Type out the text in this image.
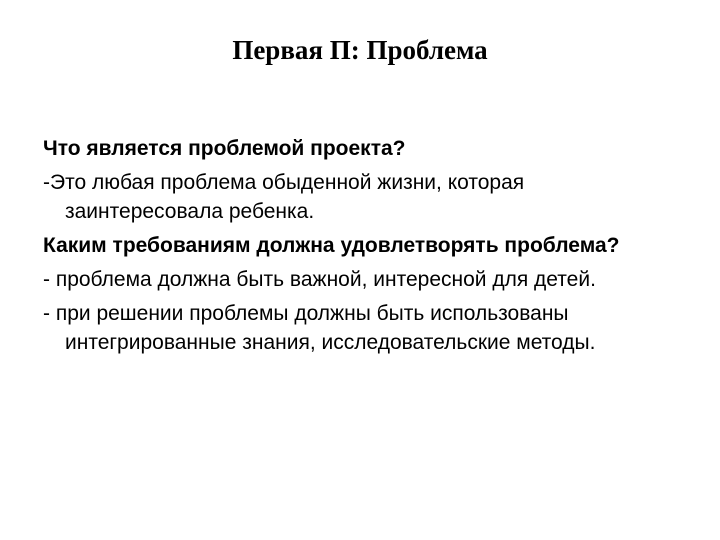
Первая П: Проблема

Что является проблемой проекта?

-Это любая проблема обыденной жизни, которая заинтересовала ребенка.

Каким требованиям должна удовлетворять проблема?

- проблема должна быть важной, интересной для детей.

- при решении проблемы должны быть использованы интегрированные знания, исследовательские методы.
